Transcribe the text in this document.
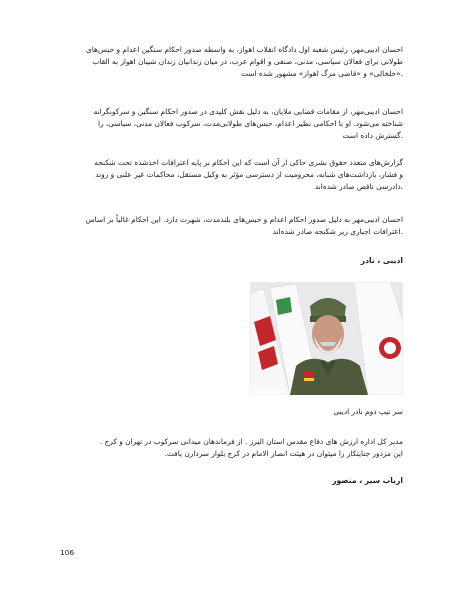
احسان ادیبی‌مهر، رئیس شعبه اول دادگاه انقلاب اهواز، به واسطه صدور احکام سنگین اعدام و حبس‌های
طولانی برای فعالان سیاسی، مدنی، صنفی و اقوام عرب، در میان زندانیان زندان شیبان اهواز به القاب
.«خلخالی» و «قاضی مرگ اهواز» مشهور شده است
احسان ادیبی‌مهر، از مقامات قضایی ملایان، به دلیل نقش کلیدی در صدور احکام سنگین و سرکوبگرانه
شناخته می‌شود. او با احکامی نظیر اعدام، حبس‌های طولانی‌مدت، سرکوب فعالان مدنی، سیاسی، را
.گسترش داده است
گزارش‌های متعدد حقوق بشری حاکی از آن است که این احکام بر پایه اعترافات اخذشده تحت شکنجه
و فشار، بازداشت‌های شبانه، محرومیت از دسترسی مؤثر به وکیل مستقل، محاکمات غیر علنی و روند
.دادرسی ناقص صادر شده‌اند
احسان ادیبی‌مهر به دلیل صدور احکام اعدام و حبس‌های بلندمدت، شهرت دارد. این احکام غالباً بر اساس
.اعترافات اجباری زیر شکنجه صادر شده‌اند

ادیبی ، نادر

سر تیپ دوم نادر ادیبی

مدیر کل اداره ارزش های دفاع مقدس استان البرز . از فرماندهان میدانی سرکوب در تهران و کرج .
این مزدور جنایتکار را میتوان در هیئت انصار الامام در کرج بلوار سردارن یافت.

ارباب سیر ، منصور

106
